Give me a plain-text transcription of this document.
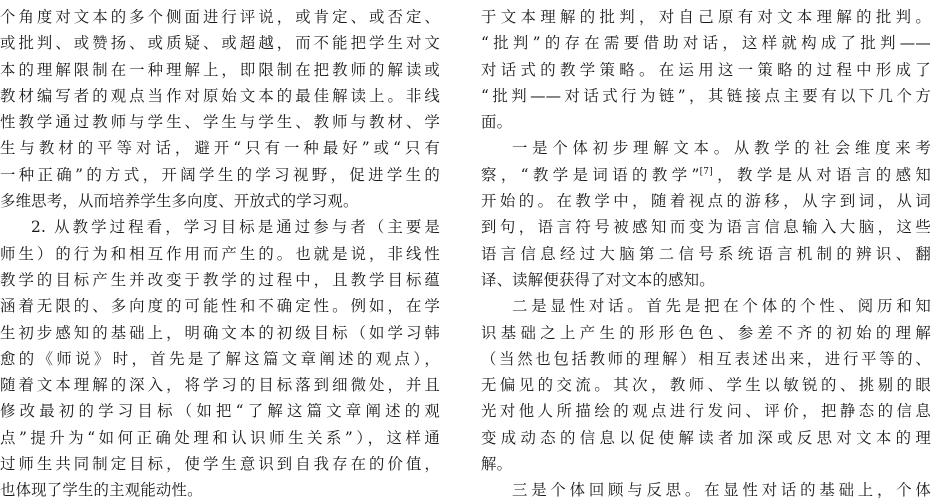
个角度对文本的多个侧面进行评说，或肯定、或否定、
或批判、或赞扬、或质疑、或超越，而不能把学生对文
本的理解限制在一种理解上，即限制在把教师的解读或
教材编写者的观点当作对原始文本的最佳解读上。非线
性教学通过教师与学生、学生与学生、教师与教材、学
生与教材的平等对话，避开“只有一种最好”或“只有
一种正确”的方式，开阔学生的学习视野，促进学生的
多维思考，从而培养学生多向度、开放式的学习观。
2. 从教学过程看，学习目标是通过参与者（主要是
师生）的行为和相互作用而产生的。也就是说，非线性
教学的目标产生并改变于教学的过程中，且教学目标蕴
涵着无限的、多向度的可能性和不确定性。例如，在学
生初步感知的基础上，明确文本的初级目标（如学习韩
愈的《师说》时，首先是了解这篇文章阐述的观点），
随着文本理解的深入，将学习的目标落到细微处，并且
修改最初的学习目标（如把“了解这篇文章阐述的观
点”提升为“如何正确处理和认识师生关系”），这样通
过师生共同制定目标，使学生意识到自我存在的价值，
也体现了学生的主观能动性。
于文本理解的批判，对自己原有对文本理解的批判。
“批判”的存在需要借助对话，这样就构成了批判——
对话式的教学策略。在运用这一策略的过程中形成了
“批判——对话式行为链”，其链接点主要有以下几个方
面。
一是个体初步理解文本。从教学的社会维度来考
察，“教学是词语的教学”[7]，教学是从对语言的感知
开始的。在教学中，随着视点的游移，从字到词，从词
到句，语言符号被感知而变为语言信息输入大脑，这些
语言信息经过大脑第二信号系统语言机制的辨识、翻
译、读解便获得了对文本的感知。
二是显性对话。首先是把在个体的个性、阅历和知
识基础之上产生的形形色色、参差不齐的初始的理解
（当然也包括教师的理解）相互表述出来，进行平等的、
无偏见的交流。其次，教师、学生以敏锐的、挑剔的眼
光对他人所描绘的观点进行发问、评价，把静态的信息
变成动态的信息以促使解读者加深或反思对文本的理
解。
三是个体回顾与反思。在显性对话的基础上，个体
